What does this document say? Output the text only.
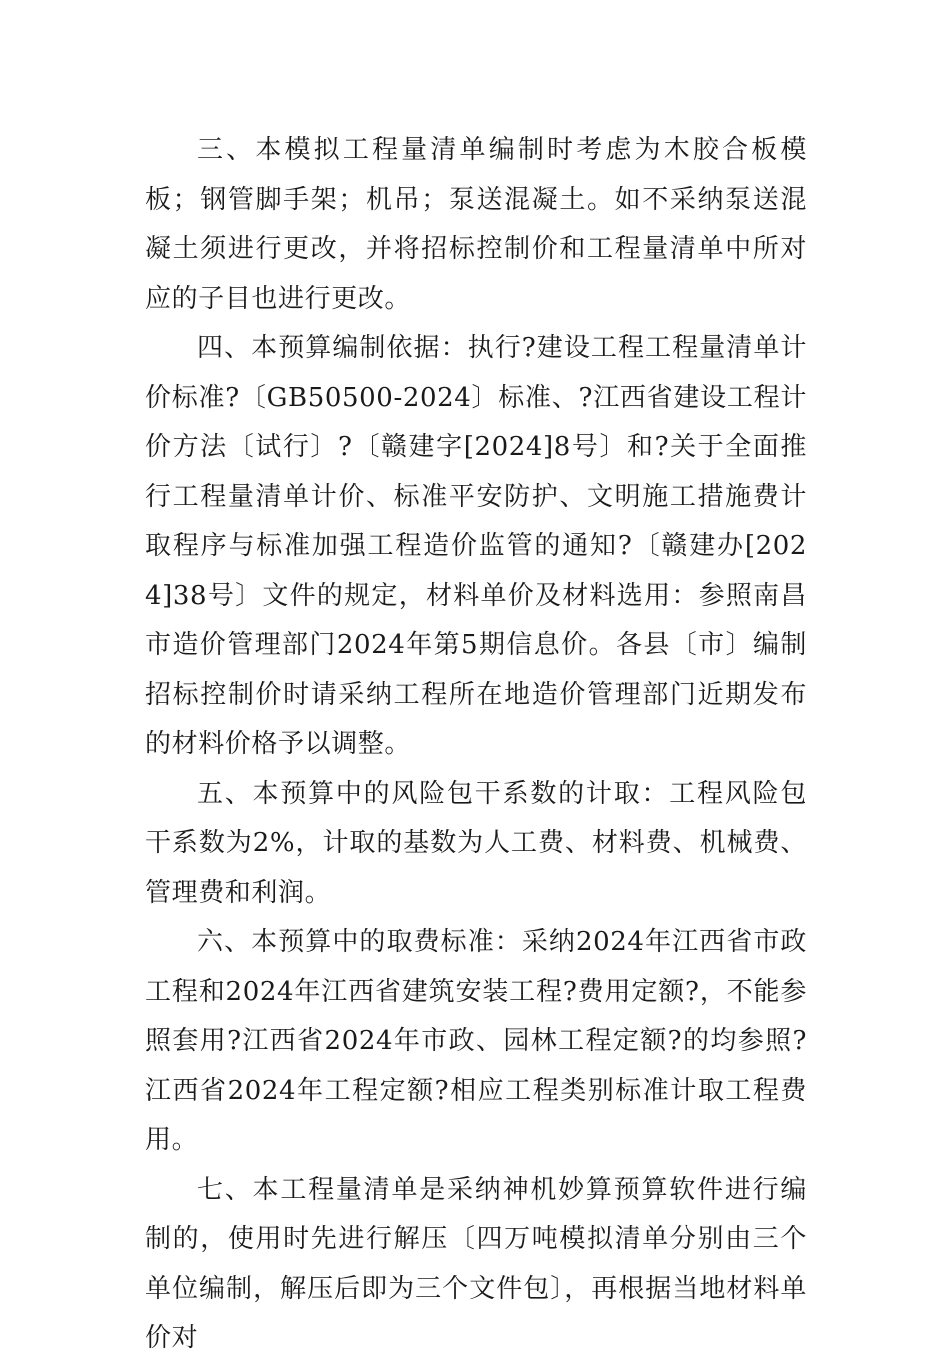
三、本模拟工程量清单编制时考虑为木胶合板模板；钢管脚手架；机吊；泵送混凝土。如不采纳泵送混凝土须进行更改，并将招标控制价和工程量清单中所对应的子目也进行更改。

四、本预算编制依据：执行?建设工程工程量清单计价标准?〔GB50500-2024〕标准、?江西省建设工程计价方法〔试行〕?〔赣建字[2024]8号〕和?关于全面推行工程量清单计价、标准平安防护、文明施工措施费计取程序与标准加强工程造价监管的通知?〔赣建办[2024]38号〕文件的规定，材料单价及材料选用：参照南昌市造价管理部门2024年第5期信息价。各县〔市〕编制招标控制价时请采纳工程所在地造价管理部门近期发布的材料价格予以调整。

五、本预算中的风险包干系数的计取：工程风险包干系数为2%，计取的基数为人工费、材料费、机械费、管理费和利润。

六、本预算中的取费标准：采纳2024年江西省市政工程和2024年江西省建筑安装工程?费用定额?，不能参照套用?江西省2024年市政、园林工程定额?的均参照?江西省2024年工程定额?相应工程类别标准计取工程费用。

七、本工程量清单是采纳神机妙算预算软件进行编制的，使用时先进行解压〔四万吨模拟清单分别由三个单位编制，解压后即为三个文件包〕，再根据当地材料单价对
